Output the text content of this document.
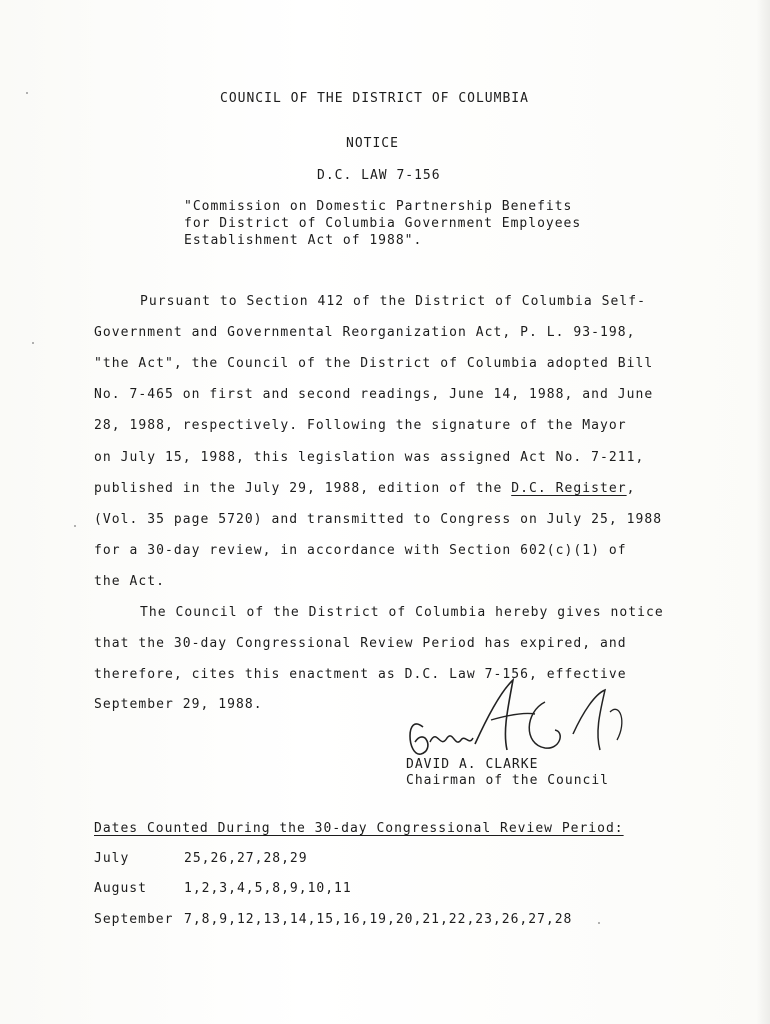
COUNCIL OF THE DISTRICT OF COLUMBIA
NOTICE
D.C. LAW 7-156
"Commission on Domestic Partnership Benefits
for District of Columbia Government Employees
Establishment Act of 1988".
Pursuant to Section 412 of the District of Columbia Self-
Government and Governmental Reorganization Act, P. L. 93-198,
"the Act", the Council of the District of Columbia adopted Bill
No. 7-465 on first and second readings, June 14, 1988, and June
28, 1988, respectively. Following the signature of the Mayor
on July 15, 1988, this legislation was assigned Act No. 7-211,
published in the July 29, 1988, edition of the D.C. Register,
(Vol. 35 page 5720) and transmitted to Congress on July 25, 1988
for a 30-day review, in accordance with Section 602(c)(1) of
the Act.
The Council of the District of Columbia hereby gives notice
that the 30-day Congressional Review Period has expired, and
therefore, cites this enactment as D.C. Law 7-156, effective
September 29, 1988.
DAVID A. CLARKE
Chairman of the Council
Dates Counted During the 30-day Congressional Review Period:
July	25,26,27,28,29
August	1,2,3,4,5,8,9,10,11
September 7,8,9,12,13,14,15,16,19,20,21,22,23,26,27,28
